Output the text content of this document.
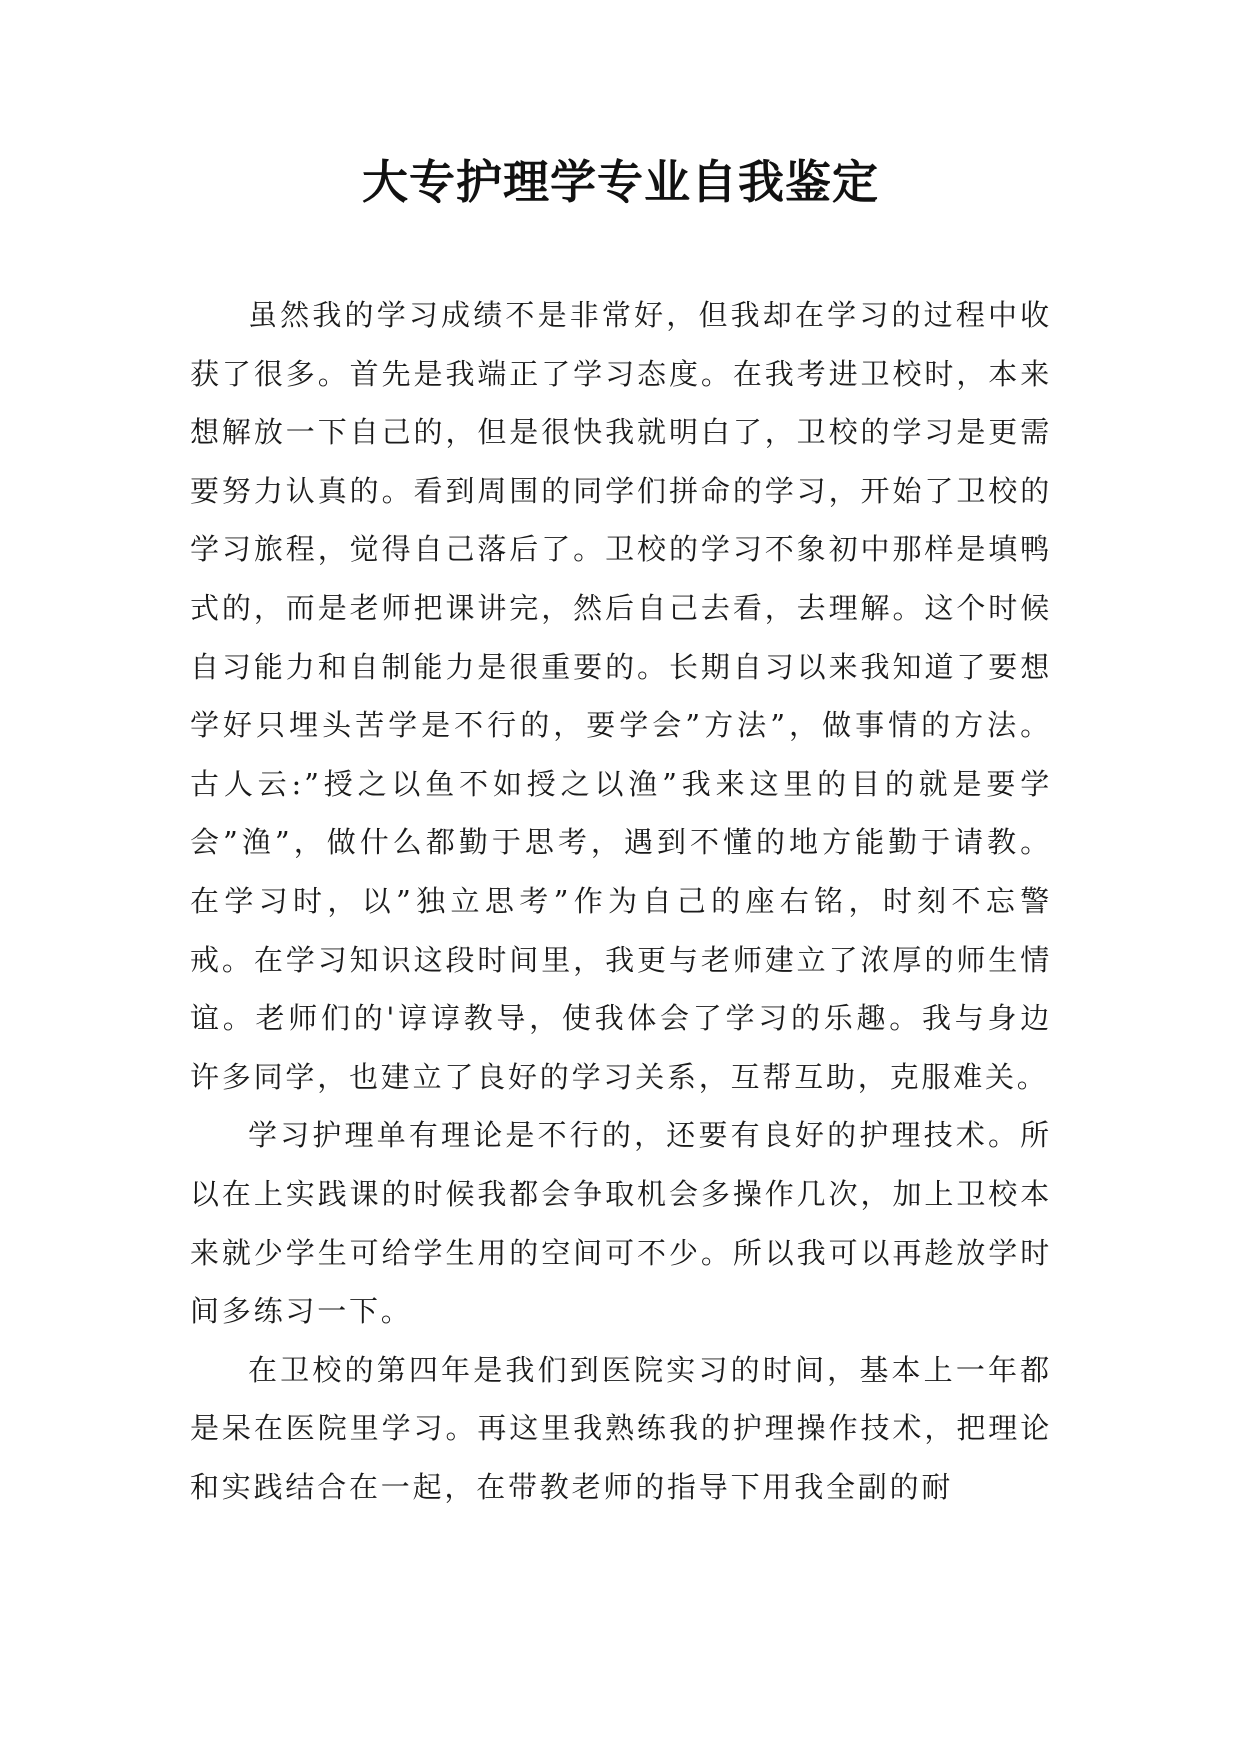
大专护理学专业自我鉴定

虽然我的学习成绩不是非常好，但我却在学习的过程中收获了很多。首先是我端正了学习态度。在我考进卫校时，本来想解放一下自己的，但是很快我就明白了，卫校的学习是更需要努力认真的。看到周围的同学们拼命的学习，开始了卫校的学习旅程，觉得自己落后了。卫校的学习不象初中那样是填鸭式的，而是老师把课讲完，然后自己去看，去理解。这个时候自习能力和自制能力是很重要的。长期自习以来我知道了要想学好只埋头苦学是不行的，要学会”方法”，做事情的方法。古人云:”授之以鱼不如授之以渔”我来这里的目的就是要学会”渔”，做什么都勤于思考，遇到不懂的地方能勤于请教。在学习时，以”独立思考”作为自己的座右铭，时刻不忘警戒。在学习知识这段时间里，我更与老师建立了浓厚的师生情谊。老师们的'谆谆教导，使我体会了学习的乐趣。我与身边许多同学，也建立了良好的学习关系，互帮互助，克服难关。

学习护理单有理论是不行的，还要有良好的护理技术。所以在上实践课的时候我都会争取机会多操作几次，加上卫校本来就少学生可给学生用的空间可不少。所以我可以再趁放学时间多练习一下。

在卫校的第四年是我们到医院实习的时间，基本上一年都是呆在医院里学习。再这里我熟练我的护理操作技术，把理论和实践结合在一起，在带教老师的指导下用我全副的耐
